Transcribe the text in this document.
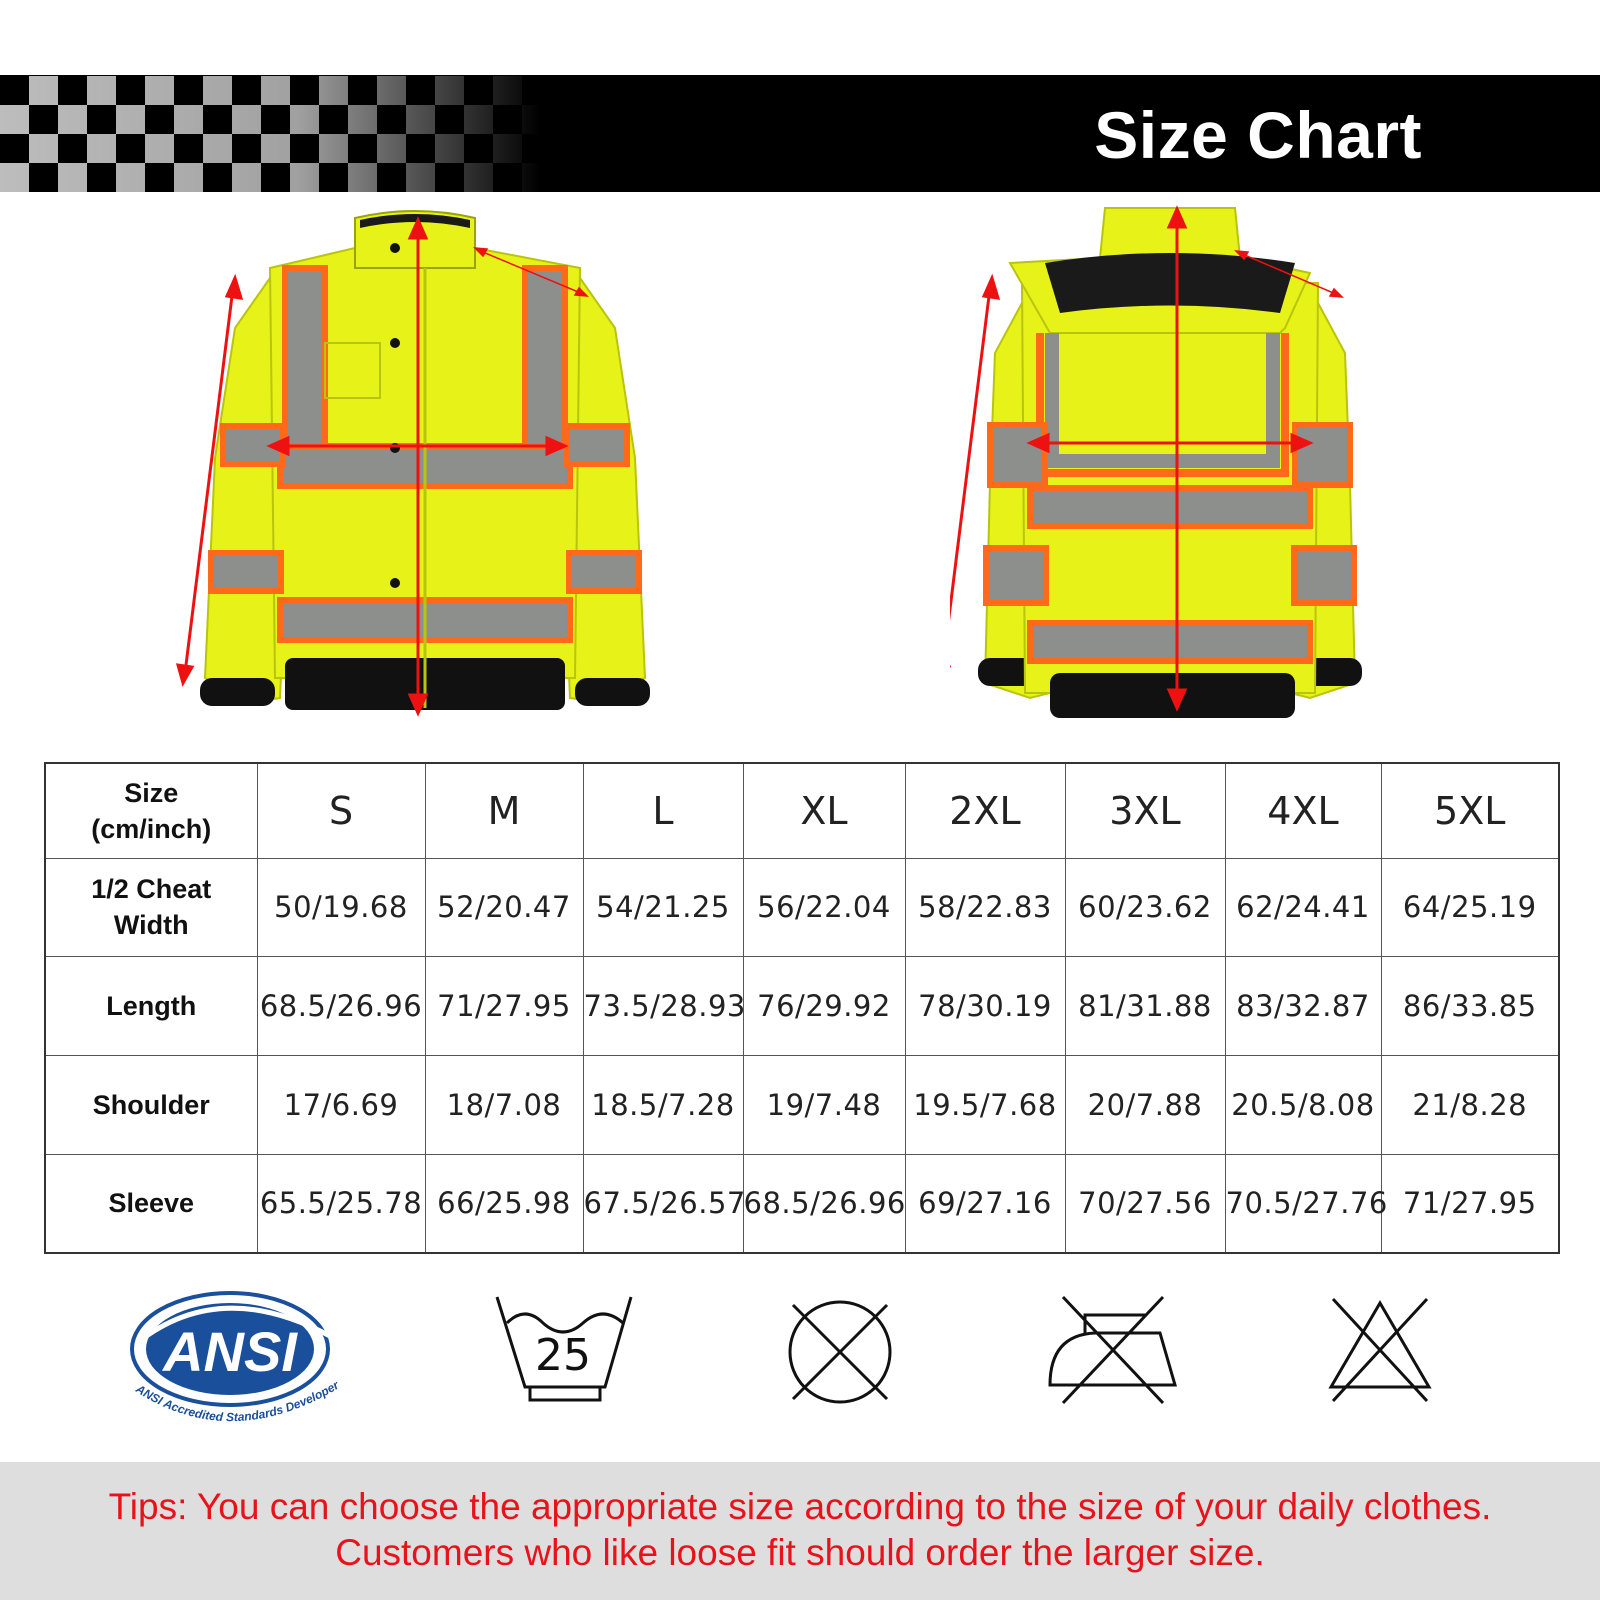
Size Chart
Size
(cm/inch)	S	M	L	XL	2XL	3XL	4XL	5XL

1/2 Cheat
Width	50/19.68	52/20.47	54/21.25	56/22.04	58/22.83	60/23.62	62/24.41	64/25.19
Length	68.5/26.96	71/27.95	73.5/28.93	76/29.92	78/30.19	81/31.88	83/32.87	86/33.85
Shoulder	17/6.69	18/7.08	18.5/7.28	19/7.48	19.5/7.68	20/7.88	20.5/8.08	21/8.28
Sleeve	65.5/25.78	66/25.98	67.5/26.57	68.5/26.96	69/27.16	70/27.56	70.5/27.76	71/27.95
ANSI
ANSI Accredited Standards Developer
25
Tips: You can choose the appropriate size according to the size of your daily clothes.
Customers who like loose fit should order the larger size.
